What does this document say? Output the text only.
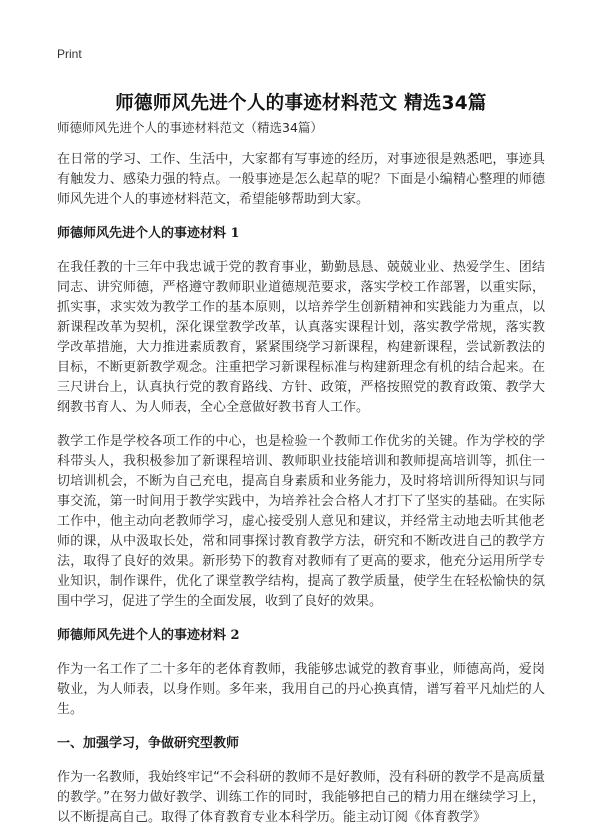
Print
师德师风先进个人的事迹材料范文 精选34篇
师德师风先进个人的事迹材料范文（精选34篇）

在日常的学习、工作、生活中，大家都有写事迹的经历，对事迹很是熟悉吧，事迹具有触发力、感染力强的特点。一般事迹是怎么起草的呢？下面是小编精心整理的师德师风先进个人的事迹材料范文，希望能够帮助到大家。

师德师风先进个人的事迹材料 1

在我任教的十三年中我忠诚于党的教育事业，勤勤恳恳、兢兢业业、热爱学生、团结同志、讲究师德，严格遵守教师职业道德规范要求，落实学校工作部署，以重实际，抓实事，求实效为教学工作的基本原则，以培养学生创新精神和实践能力为重点，以新课程改革为契机，深化课堂教学改革，认真落实课程计划，落实教学常规，落实教学改革措施，大力推进素质教育，紧紧围绕学习新课程，构建新课程，尝试新教法的目标，不断更新教学观念。注重把学习新课程标准与构建新理念有机的结合起来。在三尺讲台上，认真执行党的教育路线、方针、政策，严格按照党的教育政策、教学大纲教书育人、为人师表，全心全意做好教书育人工作。

教学工作是学校各项工作的中心，也是检验一个教师工作优劣的关键。作为学校的学科带头人，我积极参加了新课程培训、教师职业技能培训和教师提高培训等，抓住一切培训机会，不断为自己充电，提高自身素质和业务能力，及时将培训所得知识与同事交流，第一时间用于教学实践中，为培养社会合格人才打下了坚实的基础。在实际工作中，他主动向老教师学习，虚心接受别人意见和建议，并经常主动地去听其他老师的课，从中汲取长处，常和同事探讨教育教学方法，研究和不断改进自己的教学方法，取得了良好的效果。新形势下的教育对教师有了更高的要求，他充分运用所学专业知识，制作课件，优化了课堂教学结构，提高了教学质量，使学生在轻松愉快的氛围中学习，促进了学生的全面发展，收到了良好的效果。

师德师风先进个人的事迹材料 2

作为一名工作了二十多年的老体育教师，我能够忠诚党的教育事业，师德高尚，爱岗敬业，为人师表，以身作则。多年来，我用自己的丹心换真情，谱写着平凡灿烂的人生。

一、加强学习，争做研究型教师

作为一名教师，我始终牢记“不会科研的教师不是好教师，没有科研的教学不是高质量的教学。”在努力做好教学、训练工作的同时，我能够把自己的精力用在继续学习上，以不断提高自己。取得了体育教育专业本科学历。能主动订阅《体育教学》
